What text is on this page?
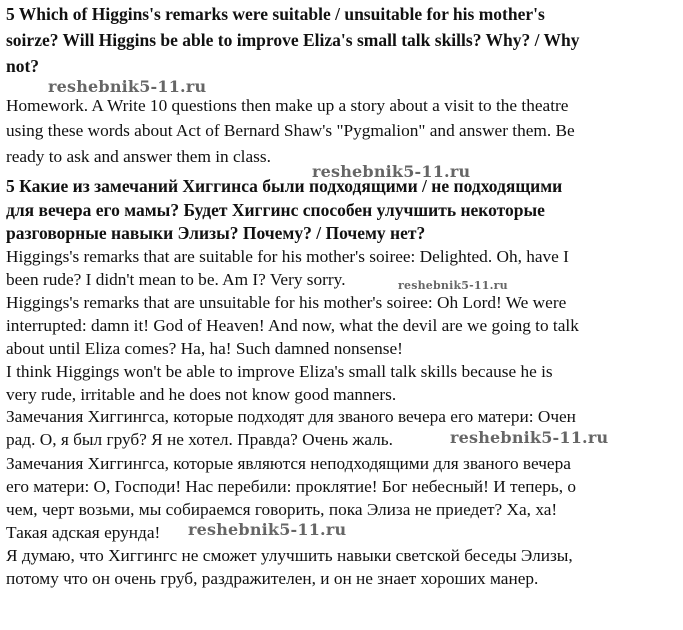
5 Which of Higgins's remarks were suitable / unsuitable for his mother's
soirze? Will Higgins be able to improve Eliza's small talk skills? Why? / Why
not?
Homework. A Write 10 questions then make up a story about a visit to the theatre
using these words about Act of Bernard Shaw's "Pygmalion" and answer them. Be
ready to ask and answer them in class.
5 Какие из замечаний Хиггинса были подходящими / не подходящими
для вечера его мамы? Будет Хиггинс способен улучшить некоторые
разговорные навыки Элизы? Почему? / Почему нет?
Higgings's remarks that are suitable for his mother's soiree: Delighted. Oh, have I
been rude? I didn't mean to be. Am I? Very sorry.
Higgings's remarks that are unsuitable for his mother's soiree: Oh Lord! We were
interrupted: damn it! God of Heaven! And now, what the devil are we going to talk
about until Eliza comes? Ha, ha! Such damned nonsense!
I think Higgings won't be able to improve Eliza's small talk skills because he is
very rude, irritable and he does not know good manners.
Замечания Хиггингса, которые подходят для званого вечера его матери: Очен
рад. О, я был груб? Я не хотел. Правда? Очень жаль.
Замечания Хиггингса, которые являются неподходящими для званого вечера
его матери: О, Господи! Нас перебили: проклятие! Бог небесный! И теперь, о
чем, черт возьми, мы собираемся говорить, пока Элиза не приедет? Ха, ха!
Такая адская ерунда!
Я думаю, что Хиггингс не сможет улучшить навыки светской беседы Элизы,
потому что он очень груб, раздражителен, и он не знает хороших манер.
reshebnik5-11.ru
reshebnik5-11.ru
reshebnik5-11.ru
reshebnik5-11.ru
reshebnik5-11.ru
